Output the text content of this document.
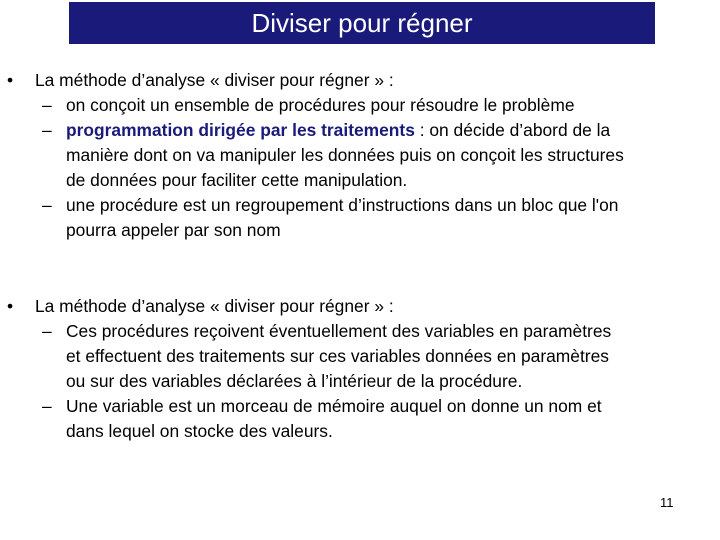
Diviser pour régner
• La méthode d’analyse « diviser pour régner » :
– on conçoit un ensemble de procédures pour résoudre le problème
– programmation dirigée par les traitements : on décide d’abord de la
manière dont on va manipuler les données puis on conçoit les structures
de données pour faciliter cette manipulation.
– une procédure est un regroupement d’instructions dans un bloc que l'on
pourra appeler par son nom
• La méthode d’analyse « diviser pour régner » :
– Ces procédures reçoivent éventuellement des variables en paramètres
et effectuent des traitements sur ces variables données en paramètres
ou sur des variables déclarées à l’intérieur de la procédure.
– Une variable est un morceau de mémoire auquel on donne un nom et
dans lequel on stocke des valeurs.
11
